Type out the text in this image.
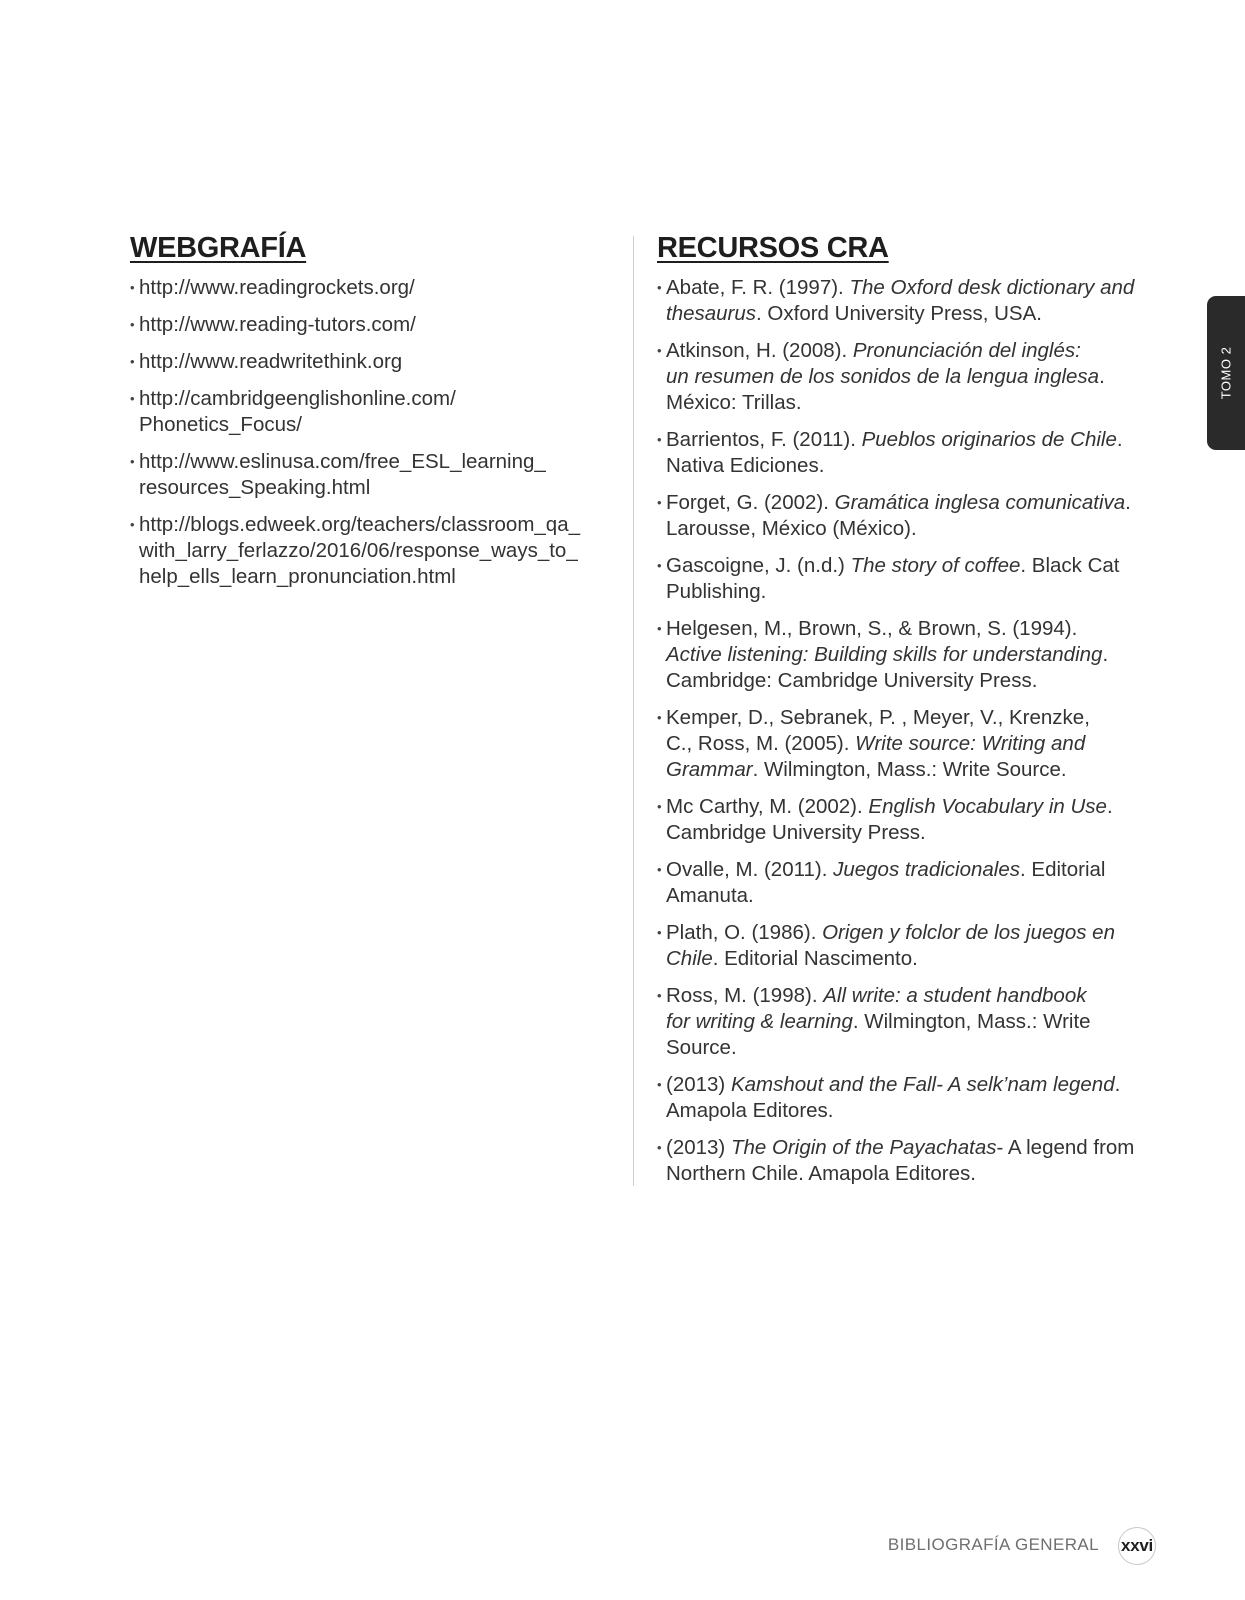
WEBGRAFÍA
• http://www.readingrockets.org/
• http://www.reading-tutors.com/
• http://www.readwritethink.org
• http://cambridgeenglishonline.com/
Phonetics_Focus/
• http://www.eslinusa.com/free_ESL_learning_
resources_Speaking.html
• http://blogs.edweek.org/teachers/classroom_qa_
with_larry_ferlazzo/2016/06/response_ways_to_
help_ells_learn_pronunciation.html
RECURSOS CRA
• Abate, F. R. (1997). The Oxford desk dictionary and
thesaurus. Oxford University Press, USA.
• Atkinson, H. (2008). Pronunciación del inglés:
un resumen de los sonidos de la lengua inglesa.
México: Trillas.
• Barrientos, F. (2011). Pueblos originarios de Chile.
Nativa Ediciones.
• Forget, G. (2002). Gramática inglesa comunicativa.
Larousse, México (México).
• Gascoigne, J. (n.d.) The story of coffee. Black Cat
Publishing.
• Helgesen, M., Brown, S., & Brown, S. (1994).
Active listening: Building skills for understanding.
Cambridge: Cambridge University Press.
• Kemper, D., Sebranek, P. , Meyer, V., Krenzke,
C., Ross, M. (2005). Write source: Writing and
Grammar. Wilmington, Mass.: Write Source.
• Mc Carthy, M. (2002). English Vocabulary in Use.
Cambridge University Press.
• Ovalle, M. (2011). Juegos tradicionales. Editorial
Amanuta.
• Plath, O. (1986). Origen y folclor de los juegos en
Chile. Editorial Nascimento.
• Ross, M. (1998). All write: a student handbook
for writing & learning. Wilmington, Mass.: Write
Source.
• (2013) Kamshout and the Fall- A selk’nam legend.
Amapola Editores.
• (2013) The Origin of the Payachatas- A legend from
Northern Chile. Amapola Editores.
TOMO 2
BIBLIOGRAFÍA GENERAL xxvi
